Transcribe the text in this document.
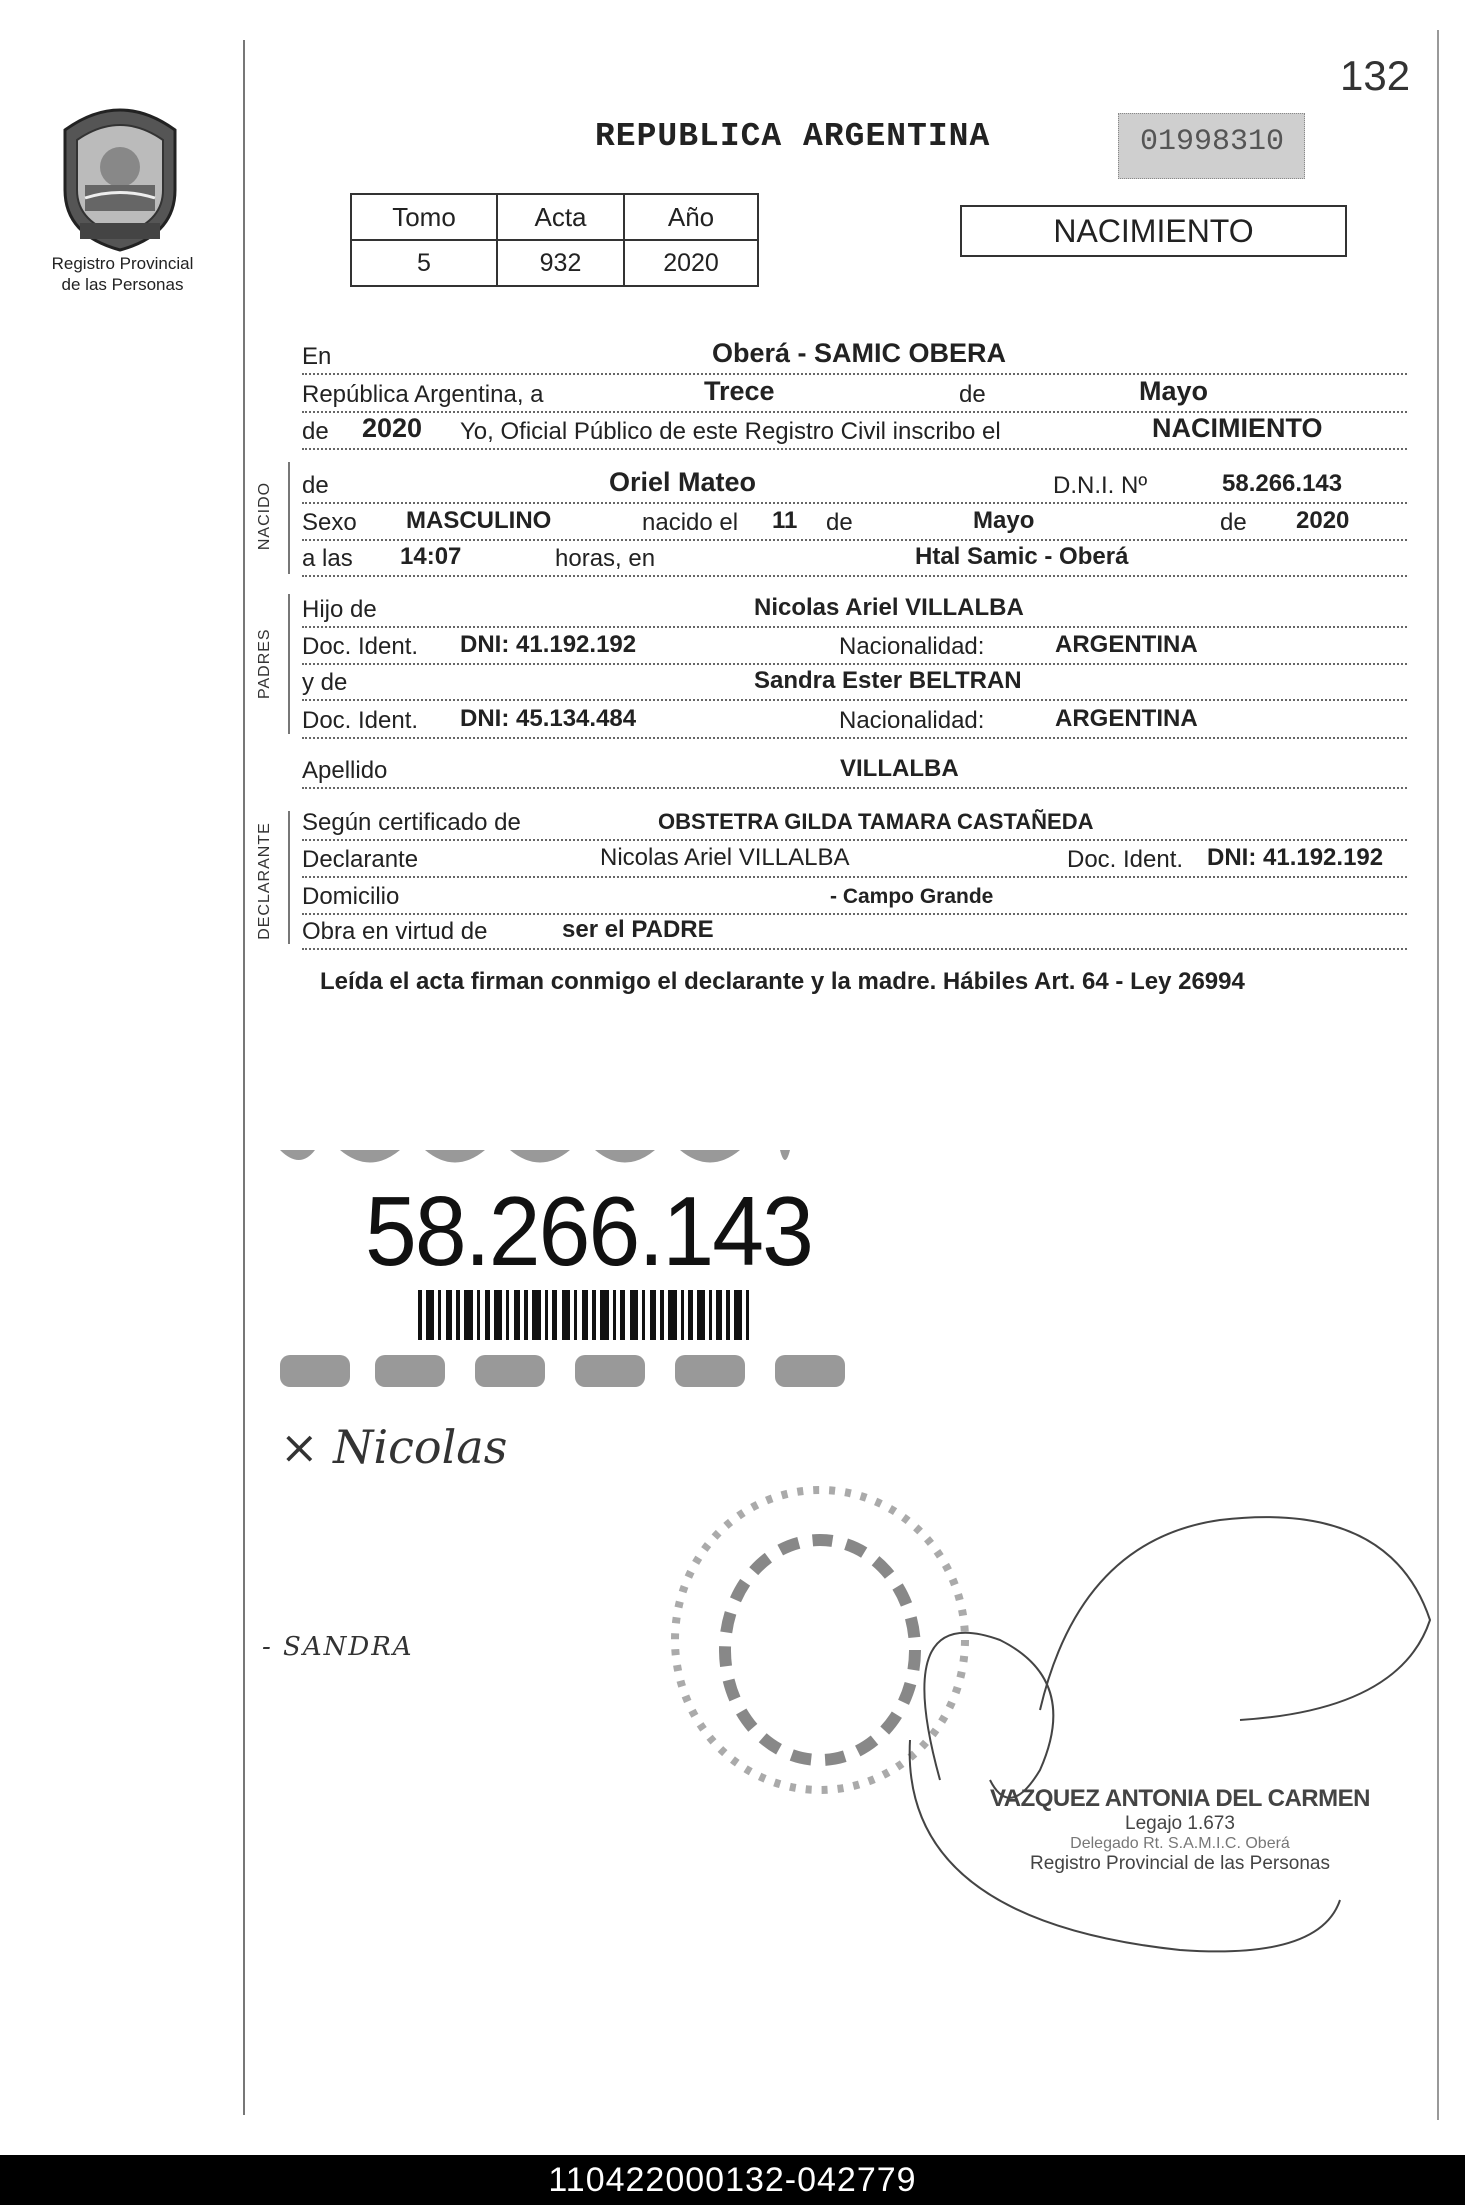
132
Registro Provincial
de las Personas
REPUBLICA ARGENTINA	01998310
Tomo	Acta	Año
5	932	2020
NACIMIENTO
En	Oberá - SAMIC OBERA
República Argentina, a	Trece	de	Mayo
de 2020 Yo, Oficial Público de este Registro Civil inscribo el	NACIMIENTO
NACIDO de	Oriel Mateo	D.N.I. Nº	58.266.143
Sexo MASCULINO	nacido el 11 de	Mayo	de 2020
a las 14:07	horas, en	Htal Samic - Oberá
PADRES
Hijo de	Nicolas Ariel VILLALBA
Doc. Ident. DNI: 41.192.192	Nacionalidad:	ARGENTINA
y de	Sandra Ester BELTRAN
Doc. Ident. DNI: 45.134.484	Nacionalidad:	ARGENTINA
Apellido	VILLALBA
DECLARANTE Según certificado de	OBSTETRA GILDA TAMARA CASTAÑEDA
Declarante	Nicolas Ariel VILLALBA	Doc. Ident. DNI: 41.192.192
Domicilio	- Campo Grande
Obra en virtud de	ser el PADRE
Leída el acta firman conmigo el declarante y la madre. Hábiles Art. 64 - Ley 26994
58.266.143
× Nicolas
- SANDRA
VAZQUEZ ANTONIA DEL CARMEN
Legajo 1.673
Delegado Rt. S.A.M.I.C. Oberá
Registro Provincial de las Personas
110422000132-042779
